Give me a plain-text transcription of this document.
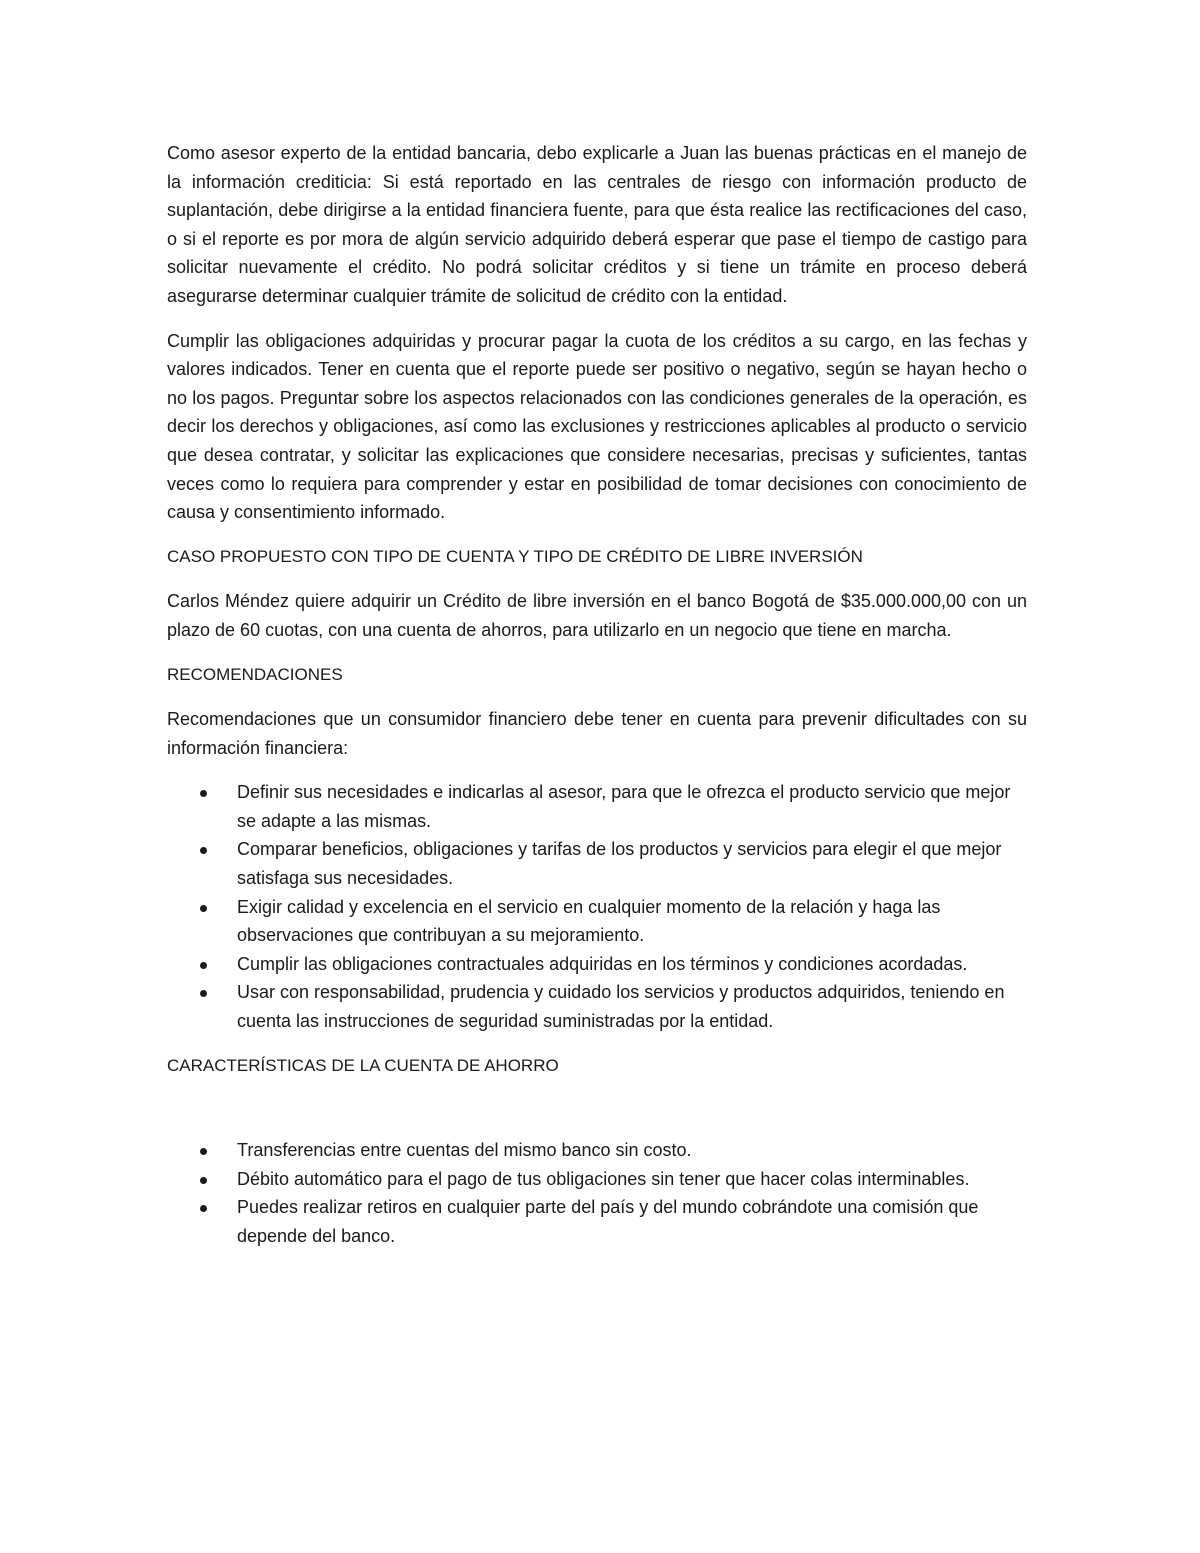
Como asesor experto de la entidad bancaria, debo explicarle a Juan las buenas prácticas en el manejo de la información crediticia: Si está reportado en las centrales de riesgo con información producto de suplantación, debe dirigirse a la entidad financiera fuente, para que ésta realice las rectificaciones del caso, o si el reporte es por mora de algún servicio adquirido deberá esperar que pase el tiempo de castigo para solicitar nuevamente el crédito. No podrá solicitar créditos y si tiene un trámite en proceso deberá asegurarse determinar cualquier trámite de solicitud de crédito con la entidad.

Cumplir las obligaciones adquiridas y procurar pagar la cuota de los créditos a su cargo, en las fechas y valores indicados. Tener en cuenta que el reporte puede ser positivo o negativo, según se hayan hecho o no los pagos. Preguntar sobre los aspectos relacionados con las condiciones generales de la operación, es decir los derechos y obligaciones, así como las exclusiones y restricciones aplicables al producto o servicio que desea contratar, y solicitar las explicaciones que considere necesarias, precisas y suficientes, tantas veces como lo requiera para comprender y estar en posibilidad de tomar decisiones con conocimiento de causa y consentimiento informado.

CASO PROPUESTO CON TIPO DE CUENTA Y TIPO DE CRÉDITO DE LIBRE INVERSIÓN

Carlos Méndez quiere adquirir un Crédito de libre inversión en el banco Bogotá de $35.000.000,00 con un plazo de 60 cuotas, con una cuenta de ahorros, para utilizarlo en un negocio que tiene en marcha.

RECOMENDACIONES

Recomendaciones que un consumidor financiero debe tener en cuenta para prevenir dificultades con su información financiera:

Definir sus necesidades e indicarlas al asesor, para que le ofrezca el producto servicio que mejor se adapte a las mismas.
Comparar beneficios, obligaciones y tarifas de los productos y servicios para elegir el que mejor satisfaga sus necesidades.
Exigir calidad y excelencia en el servicio en cualquier momento de la relación y haga las observaciones que contribuyan a su mejoramiento.
Cumplir las obligaciones contractuales adquiridas en los términos y condiciones acordadas.
Usar con responsabilidad, prudencia y cuidado los servicios y productos adquiridos, teniendo en cuenta las instrucciones de seguridad suministradas por la entidad.

CARACTERÍSTICAS DE LA CUENTA DE AHORRO

Transferencias entre cuentas del mismo banco sin costo.
Débito automático para el pago de tus obligaciones sin tener que hacer colas interminables.
Puedes realizar retiros en cualquier parte del país y del mundo cobrándote una comisión que depende del banco.
